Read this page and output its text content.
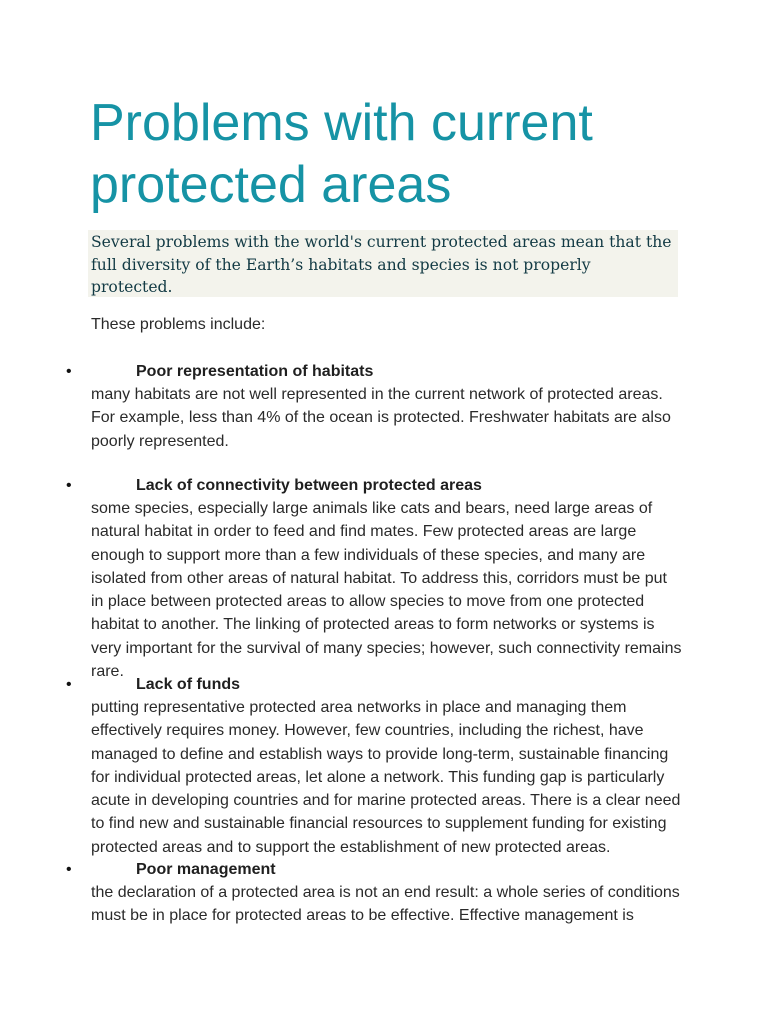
Problems with current protected areas

Several problems with the world's current protected areas mean that the full diversity of the Earth’s habitats and species is not properly protected.

These problems include:

•	Poor representation of habitats

many habitats are not well represented in the current network of protected areas. For example, less than 4% of the ocean is protected. Freshwater habitats are also poorly represented.

•	Lack of connectivity between protected areas

some species, especially large animals like cats and bears, need large areas of natural habitat in order to feed and find mates. Few protected areas are large enough to support more than a few individuals of these species, and many are isolated from other areas of natural habitat. To address this, corridors must be put in place between protected areas to allow species to move from one protected habitat to another. The linking of protected areas to form networks or systems is very important for the survival of many species; however, such connectivity remains rare.

•	Lack of funds

putting representative protected area networks in place and managing them effectively requires money. However, few countries, including the richest, have managed to define and establish ways to provide long-term, sustainable financing for individual protected areas, let alone a network. This funding gap is particularly acute in developing countries and for marine protected areas. There is a clear need to find new and sustainable financial resources to supplement funding for existing protected areas and to support the establishment of new protected areas.

•	Poor management

the declaration of a protected area is not an end result: a whole series of conditions must be in place for protected areas to be effective. Effective management is
